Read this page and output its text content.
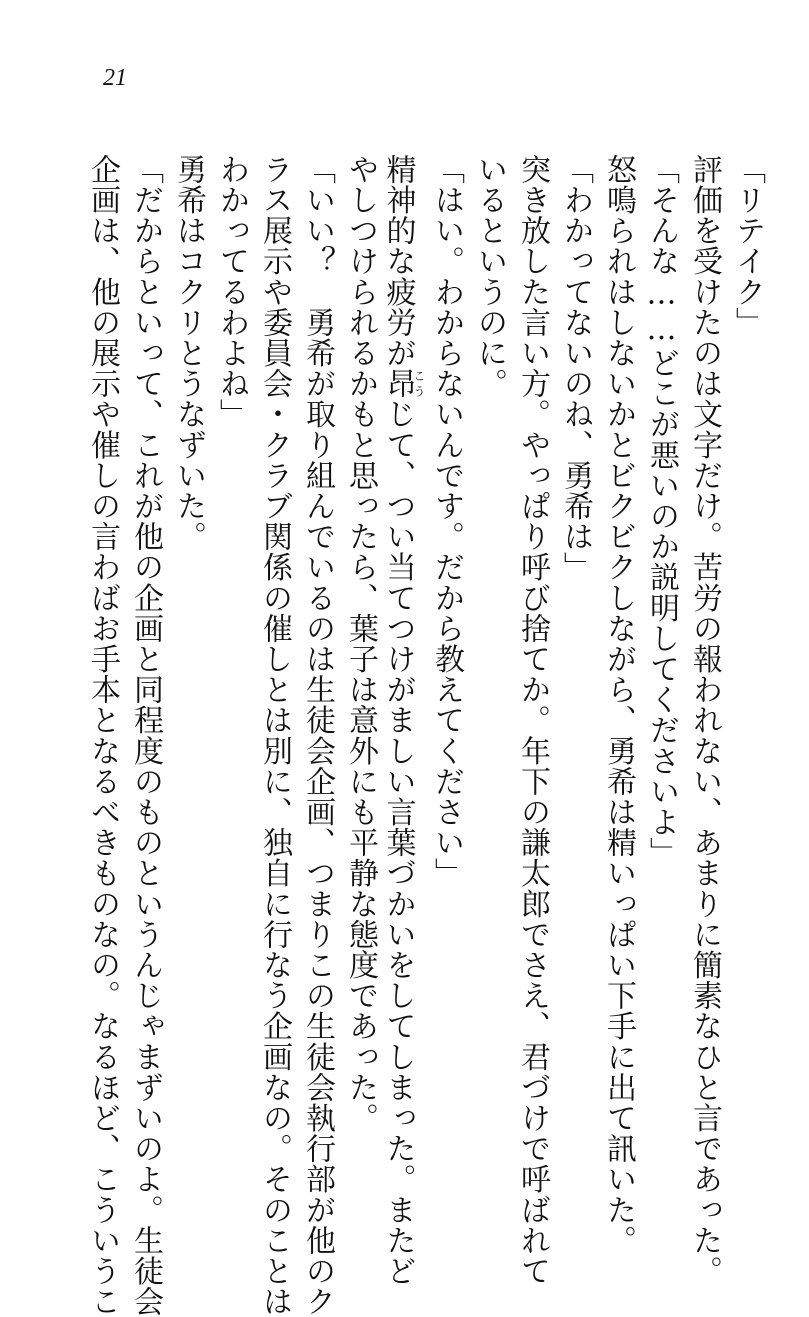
21

「リテイク」

評価を受けたのは文字だけ。苦労の報われない、あまりに簡素なひと言であった。

「そんな……どこが悪いのか説明してくださいよ」

怒鳴られはしないかとビクビクしながら、勇希は精いっぱい下手に出て訊いた。

「わかってないのね、勇希は」

突き放した言い方。やっぱり呼び捨てか。年下の謙太郎でさえ、君づけで呼ばれて

いるというのに。

「はい。わからないんです。だから教えてください」

精神的な疲労が昂こうじて、つい当てつけがましい言葉づかいをしてしまった。またど

やしつけられるかもと思ったら、葉子は意外にも平静な態度であった。

「いい？　勇希が取り組んでいるのは生徒会企画、つまりこの生徒会執行部が他のク

ラス展示や委員会・クラブ関係の催しとは別に、独自に行なう企画なの。そのことは

わかってるわよね」

勇希はコクリとうなずいた。

「だからといって、これが他の企画と同程度のものというんじゃまずいのよ。生徒会

企画は、他の展示や催しの言わばお手本となるべきものなの。なるほど、こういうこ
